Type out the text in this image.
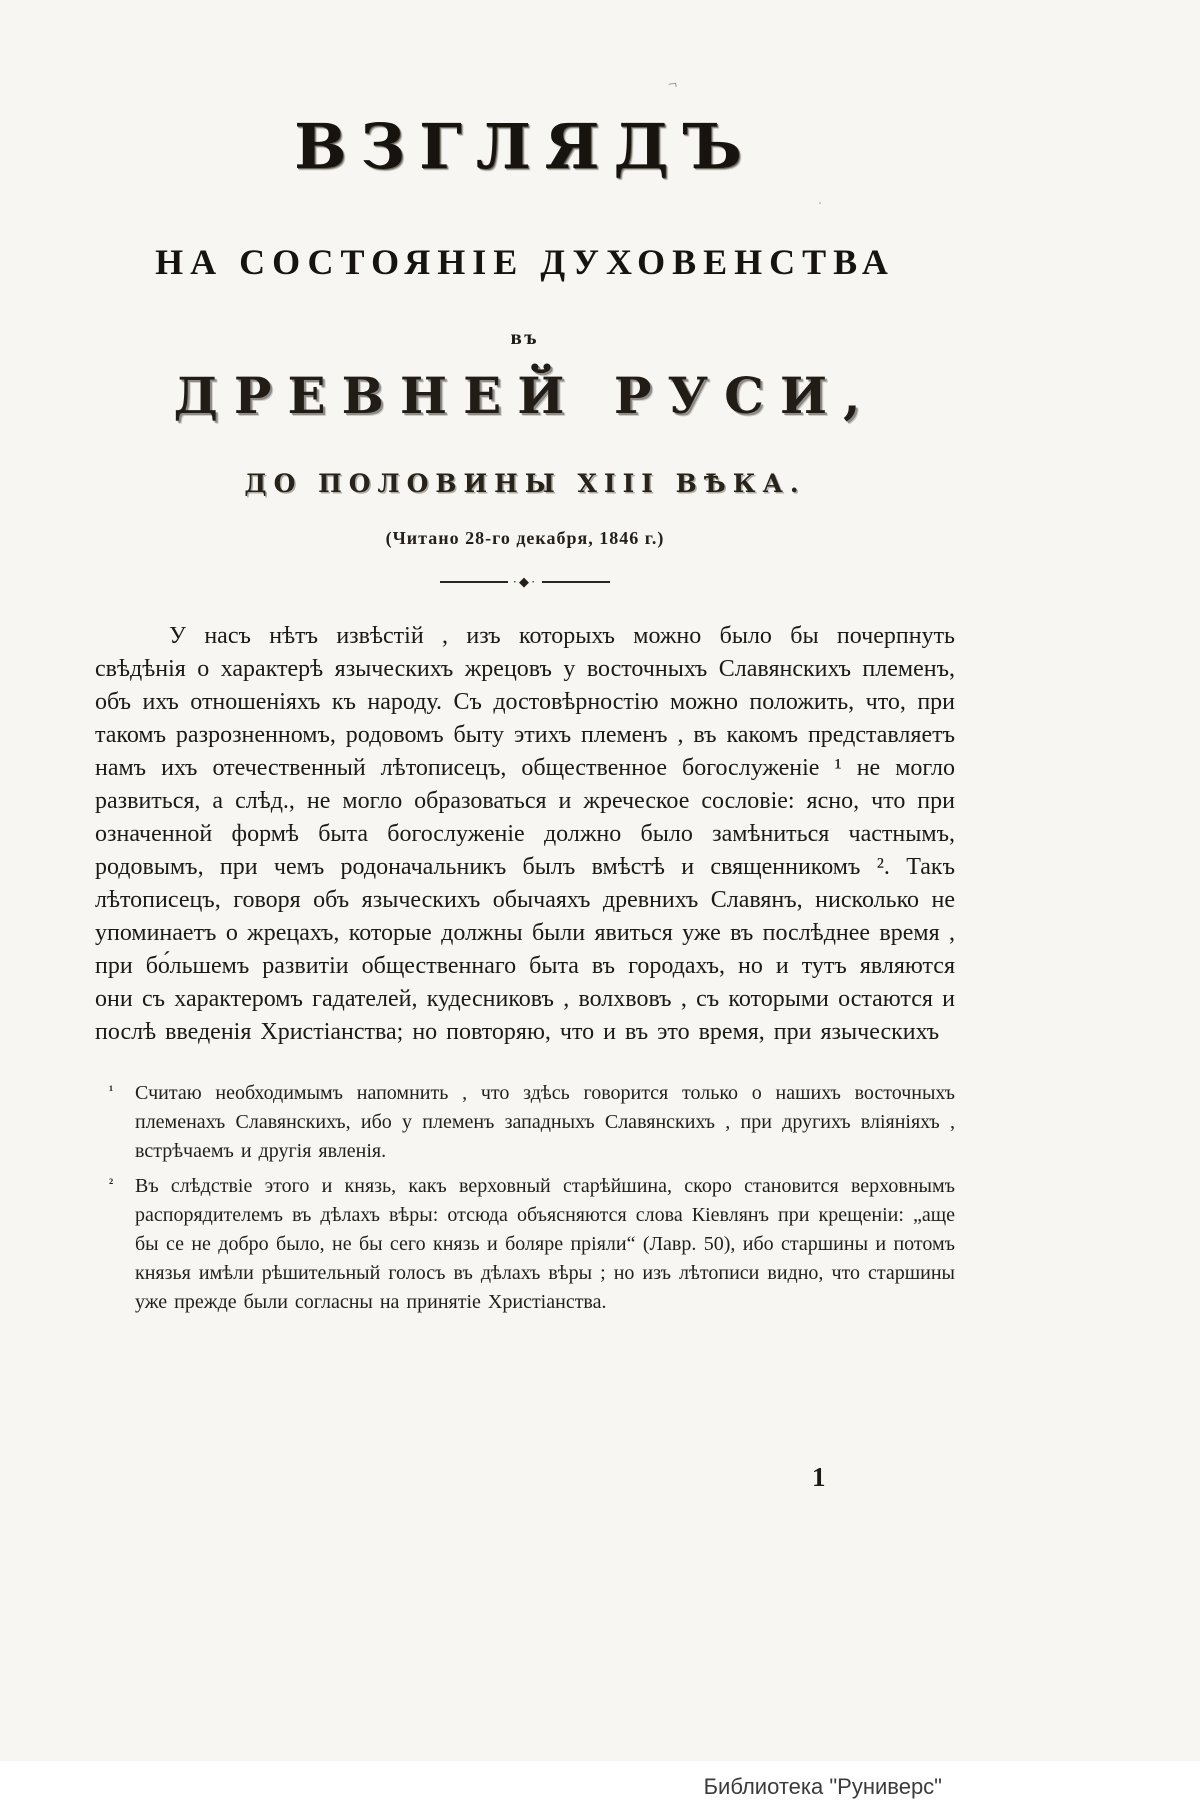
¬
·
ВЗГЛЯДЪ
НА СОСТОЯНІЕ ДУХОВЕНСТВА
въ
ДРЕВНЕЙ РУСИ,
ДО ПОЛОВИНЫ XIII ВѢКА.
(Читано 28-го декабря, 1846 г.)
·◆·
У насъ нѣтъ извѣстій , изъ которыхъ можно было бы почерпнуть свѣдѣнія о характерѣ языческихъ жрецовъ у восточныхъ Славянскихъ племенъ, объ ихъ отношеніяхъ къ народу. Съ достовѣрностію можно положить, что, при такомъ разрозненномъ, родовомъ быту этихъ племенъ , въ какомъ представляетъ намъ ихъ отечественный лѣтописецъ, общественное богослуженіе ¹ не могло развиться, а слѣд., не могло образоваться и жреческое сословіе: ясно, что при означенной формѣ быта богослуженіе должно было замѣниться частнымъ, родовымъ, при чемъ родоначальникъ былъ вмѣстѣ и священникомъ ². Такъ лѣтописецъ, говоря объ языческихъ обычаяхъ древнихъ Славянъ, нисколько не упоминаетъ о жрецахъ, которые должны были явиться уже въ послѣднее время , при бо́льшемъ развитіи общественнаго быта въ городахъ, но и тутъ являются они съ характеромъ гадателей, кудесниковъ , волхвовъ , съ которыми остаются и послѣ введенія Христіанства; но повторяю, что и въ это время, при языческихъ
¹ Считаю необходимымъ напомнить , что здѣсь говорится только о нашихъ восточныхъ племенахъ Славянскихъ, ибо у племенъ западныхъ Славянскихъ , при другихъ вліяніяхъ , встрѣчаемъ и другія явленія.
² Въ слѣдствіе этого и князь, какъ верховный старѣйшина, скоро становится верховнымъ распорядителемъ въ дѣлахъ вѣры: отсюда объясняются слова Кіевлянъ при крещеніи: „аще бы се не добро было, не бы сего князь и боляре пріяли“ (Лавр. 50), ибо старшины и потомъ князья имѣли рѣшительный голосъ въ дѣлахъ вѣры ; но изъ лѣтописи видно, что старшины уже прежде были согласны на принятіе Христіанства.
1
Библиотека "Руниверс"
